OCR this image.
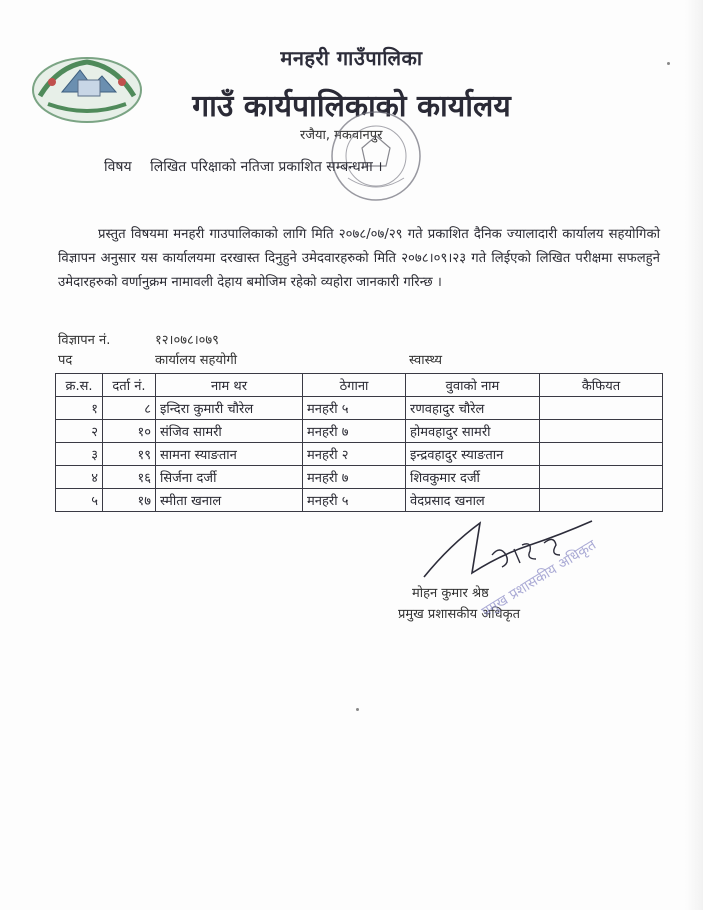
मनहरी गाउँपालिका
गाउँ कार्यपालिकाको कार्यालय
रजैया, मकवानपुर
विषय लिखित परिक्षाको नतिजा प्रकाशित सम्बन्धमा ।
प्रस्तुत विषयमा मनहरी गाउपालिकाको लागि मिति २०७८/०७/२९ गते प्रकाशित दैनिक ज्यालादारी कार्यालय सहयोगिको विज्ञापन अनुसार यस कार्यालयमा दरखास्त दिनुहुने उमेदवारहरुको मिति २०७८।०९।२३ गते लिईएको लिखित परीक्षमा सफलहुने उमेदारहरुको वर्णानुक्रम नामावली देहाय बमोजिम रहेको व्यहोरा जानकारी गरिन्छ ।
विज्ञापन नं.	१२।०७८।०७९
पद	कार्यालय सहयोगी	स्वास्थ्य
क्र.स.	दर्ता नं.	नाम थर	ठेगाना	वुवाको नाम	कैफियत
१	८	इन्दिरा कुमारी चौरेल	मनहरी ५	रणवहादुर चौरेल	
२	१०	संजिव सामरी	मनहरी ७	होमवहादुर सामरी	
३	१९	सामना स्याङतान	मनहरी २	इन्द्रवहादुर स्याङतान	
४	१६	सिर्जना दर्जी	मनहरी ७	शिवकुमार दर्जी	
५	१७	स्मीता खनाल	मनहरी ५	वेदप्रसाद खनाल	
मोहन कुमार श्रेष्ठ
प्रमुख प्रशासकीय अधिकृत
प्रमुख प्रशासकीय अधिकृत
